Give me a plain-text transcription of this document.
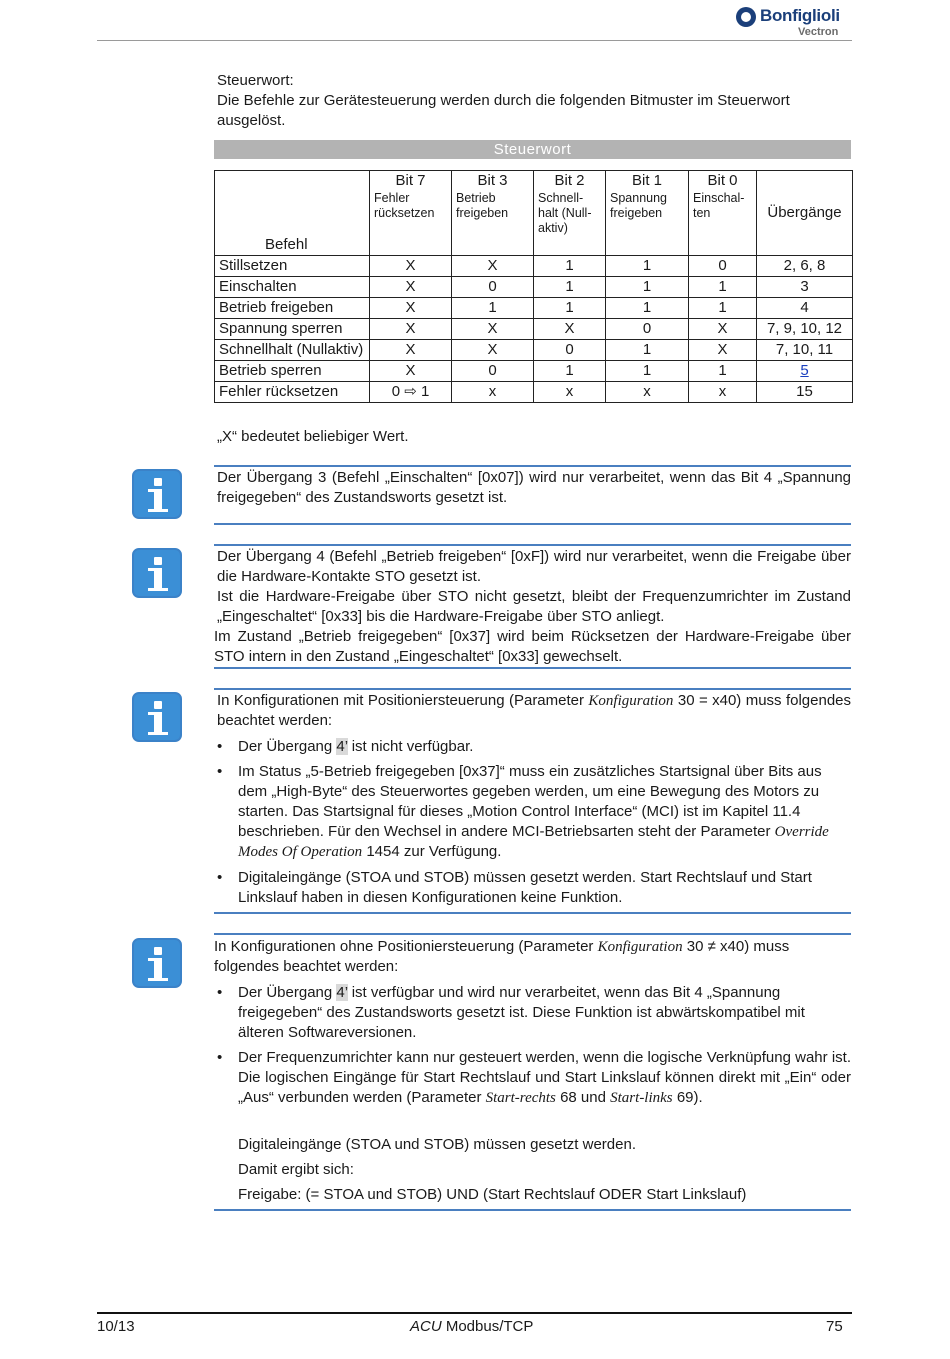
Bonfiglioli
Vectron
Steuerwort:
Die Befehle zur Gerätesteuerung werden durch die folgenden Bitmuster im Steuerwort ausgelöst.
Steuerwort
Befehl	Bit 7	Bit 3	Bit 2	Bit 1	Bit 0	Übergänge
	Fehler rücksetzen	Betrieb freigeben	Schnell-halt (Null-aktiv)	Spannung freigeben	Einschal-ten	
Stillsetzen	X	X	1	1	0	2, 6, 8
Einschalten	X	0	1	1	1	3
Betrieb freigeben	X	1	1	1	1	4
Spannung sperren	X	X	X	0	X	7, 9, 10, 12
Schnellhalt (Nullaktiv)	X	X	0	1	X	7, 10, 11
Betrieb sperren	X	0	1	1	1	5
Fehler rücksetzen	0 ⇨ 1	x	x	x	x	15
„X“ bedeutet beliebiger Wert.
Der Übergang 3 (Befehl „Einschalten“ [0x07]) wird nur verarbeitet, wenn das Bit 4 „Spannung freigegeben“ des Zustandsworts gesetzt ist.
Der Übergang 4 (Befehl „Betrieb freigeben“ [0xF]) wird nur verarbeitet, wenn die Freigabe über die Hardware-Kontakte STO gesetzt ist.
Ist die Hardware-Freigabe über STO nicht gesetzt, bleibt der Frequenzumrichter im Zustand „Eingeschaltet“ [0x33] bis die Hardware-Freigabe über STO anliegt.
Im Zustand „Betrieb freigegeben“ [0x37] wird beim Rücksetzen der Hardware-Freigabe über STO intern in den Zustand „Eingeschaltet“ [0x33] gewechselt.
In Konfigurationen mit Positioniersteuerung (Parameter Konfiguration 30 = x40) muss folgendes beachtet werden:
•	Der Übergang 4’ ist nicht verfügbar.
•	Im Status „5-Betrieb freigegeben [0x37]“ muss ein zusätzliches Startsignal über Bits aus dem „High-Byte“ des Steuerwortes gegeben werden, um eine Bewegung des Motors zu starten. Das Startsignal für dieses „Motion Control Interface“ (MCI) ist im Kapitel 11.4 beschrieben. Für den Wechsel in andere MCI-Betriebsarten steht der Parameter Override Modes Of Operation 1454 zur Verfügung.
•	Digitaleingänge (STOA und STOB) müssen gesetzt werden. Start Rechtslauf und Start Linkslauf haben in diesen Konfigurationen keine Funktion.
In Konfigurationen ohne Positioniersteuerung (Parameter Konfiguration 30 ≠ x40) muss folgendes beachtet werden:
•	Der Übergang 4’ ist verfügbar und wird nur verarbeitet, wenn das Bit 4 „Spannung freigegeben“ des Zustandsworts gesetzt ist. Diese Funktion ist abwärtskompatibel mit älteren Softwareversionen.
•	Der Frequenzumrichter kann nur gesteuert werden, wenn die logische Verknüpfung wahr ist. Die logischen Eingänge für Start Rechtslauf und Start Linkslauf können direkt mit „Ein“ oder „Aus“ verbunden werden (Parameter Start-rechts 68 und Start-links 69).
Digitaleingänge (STOA und STOB) müssen gesetzt werden.
Damit ergibt sich:
Freigabe: (= STOA und STOB) UND (Start Rechtslauf ODER Start Linkslauf)
10/13	ACU Modbus/TCP	75
